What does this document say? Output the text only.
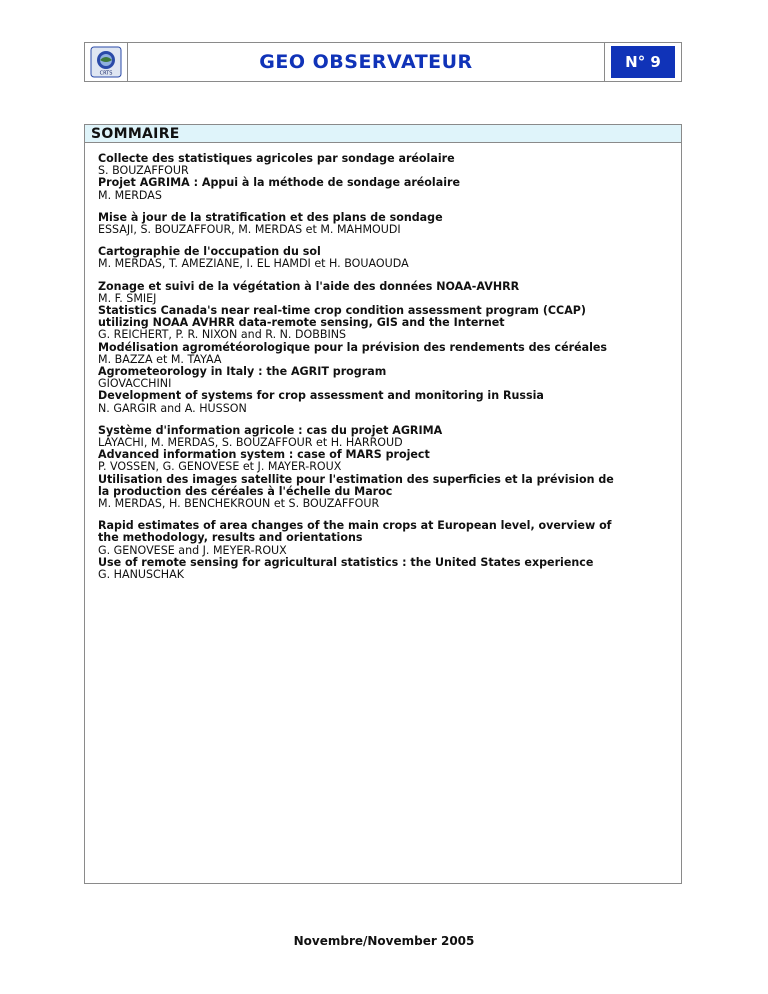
CRTS
GEO OBSERVATEUR	N° 9
SOMMAIRE
Collecte des statistiques agricoles par sondage aréolaire
S. BOUZAFFOUR
Projet AGRIMA : Appui à la méthode de sondage aréolaire
M. MERDAS
Mise à jour de la stratification et des plans de sondage
ESSAJI, S. BOUZAFFOUR, M. MERDAS et M. MAHMOUDI
Cartographie de l'occupation du sol
M. MERDAS, T. AMEZIANE, I. EL HAMDI et H. BOUAOUDA
Zonage et suivi de la végétation à l'aide des données NOAA-AVHRR
M. F. SMIEJ
Statistics Canada's near real-time crop condition assessment program (CCAP)
utilizing NOAA AVHRR data-remote sensing, GIS and the Internet
G. REICHERT, P. R. NIXON and R. N. DOBBINS
Modélisation agrométéorologique pour la prévision des rendements des céréales
M. BAZZA et M. TAYAA
Agrometeorology in Italy : the AGRIT program
GIOVACCHINI
Development of systems for crop assessment and monitoring in Russia
N. GARGIR and A. HUSSON
Système d'information agricole : cas du projet AGRIMA
LAYACHI, M. MERDAS, S. BOUZAFFOUR et H. HARROUD
Advanced information system : case of MARS project
P. VOSSEN, G. GENOVESE et J. MAYER-ROUX
Utilisation des images satellite pour l'estimation des superficies et la prévision de
la production des céréales à l'échelle du Maroc
M. MERDAS, H. BENCHEKROUN et S. BOUZAFFOUR
Rapid estimates of area changes of the main crops at European level, overview of
the methodology, results and orientations
G. GENOVESE and J. MEYER-ROUX
Use of remote sensing for agricultural statistics : the United States experience
G. HANUSCHAK
Novembre/November 2005
